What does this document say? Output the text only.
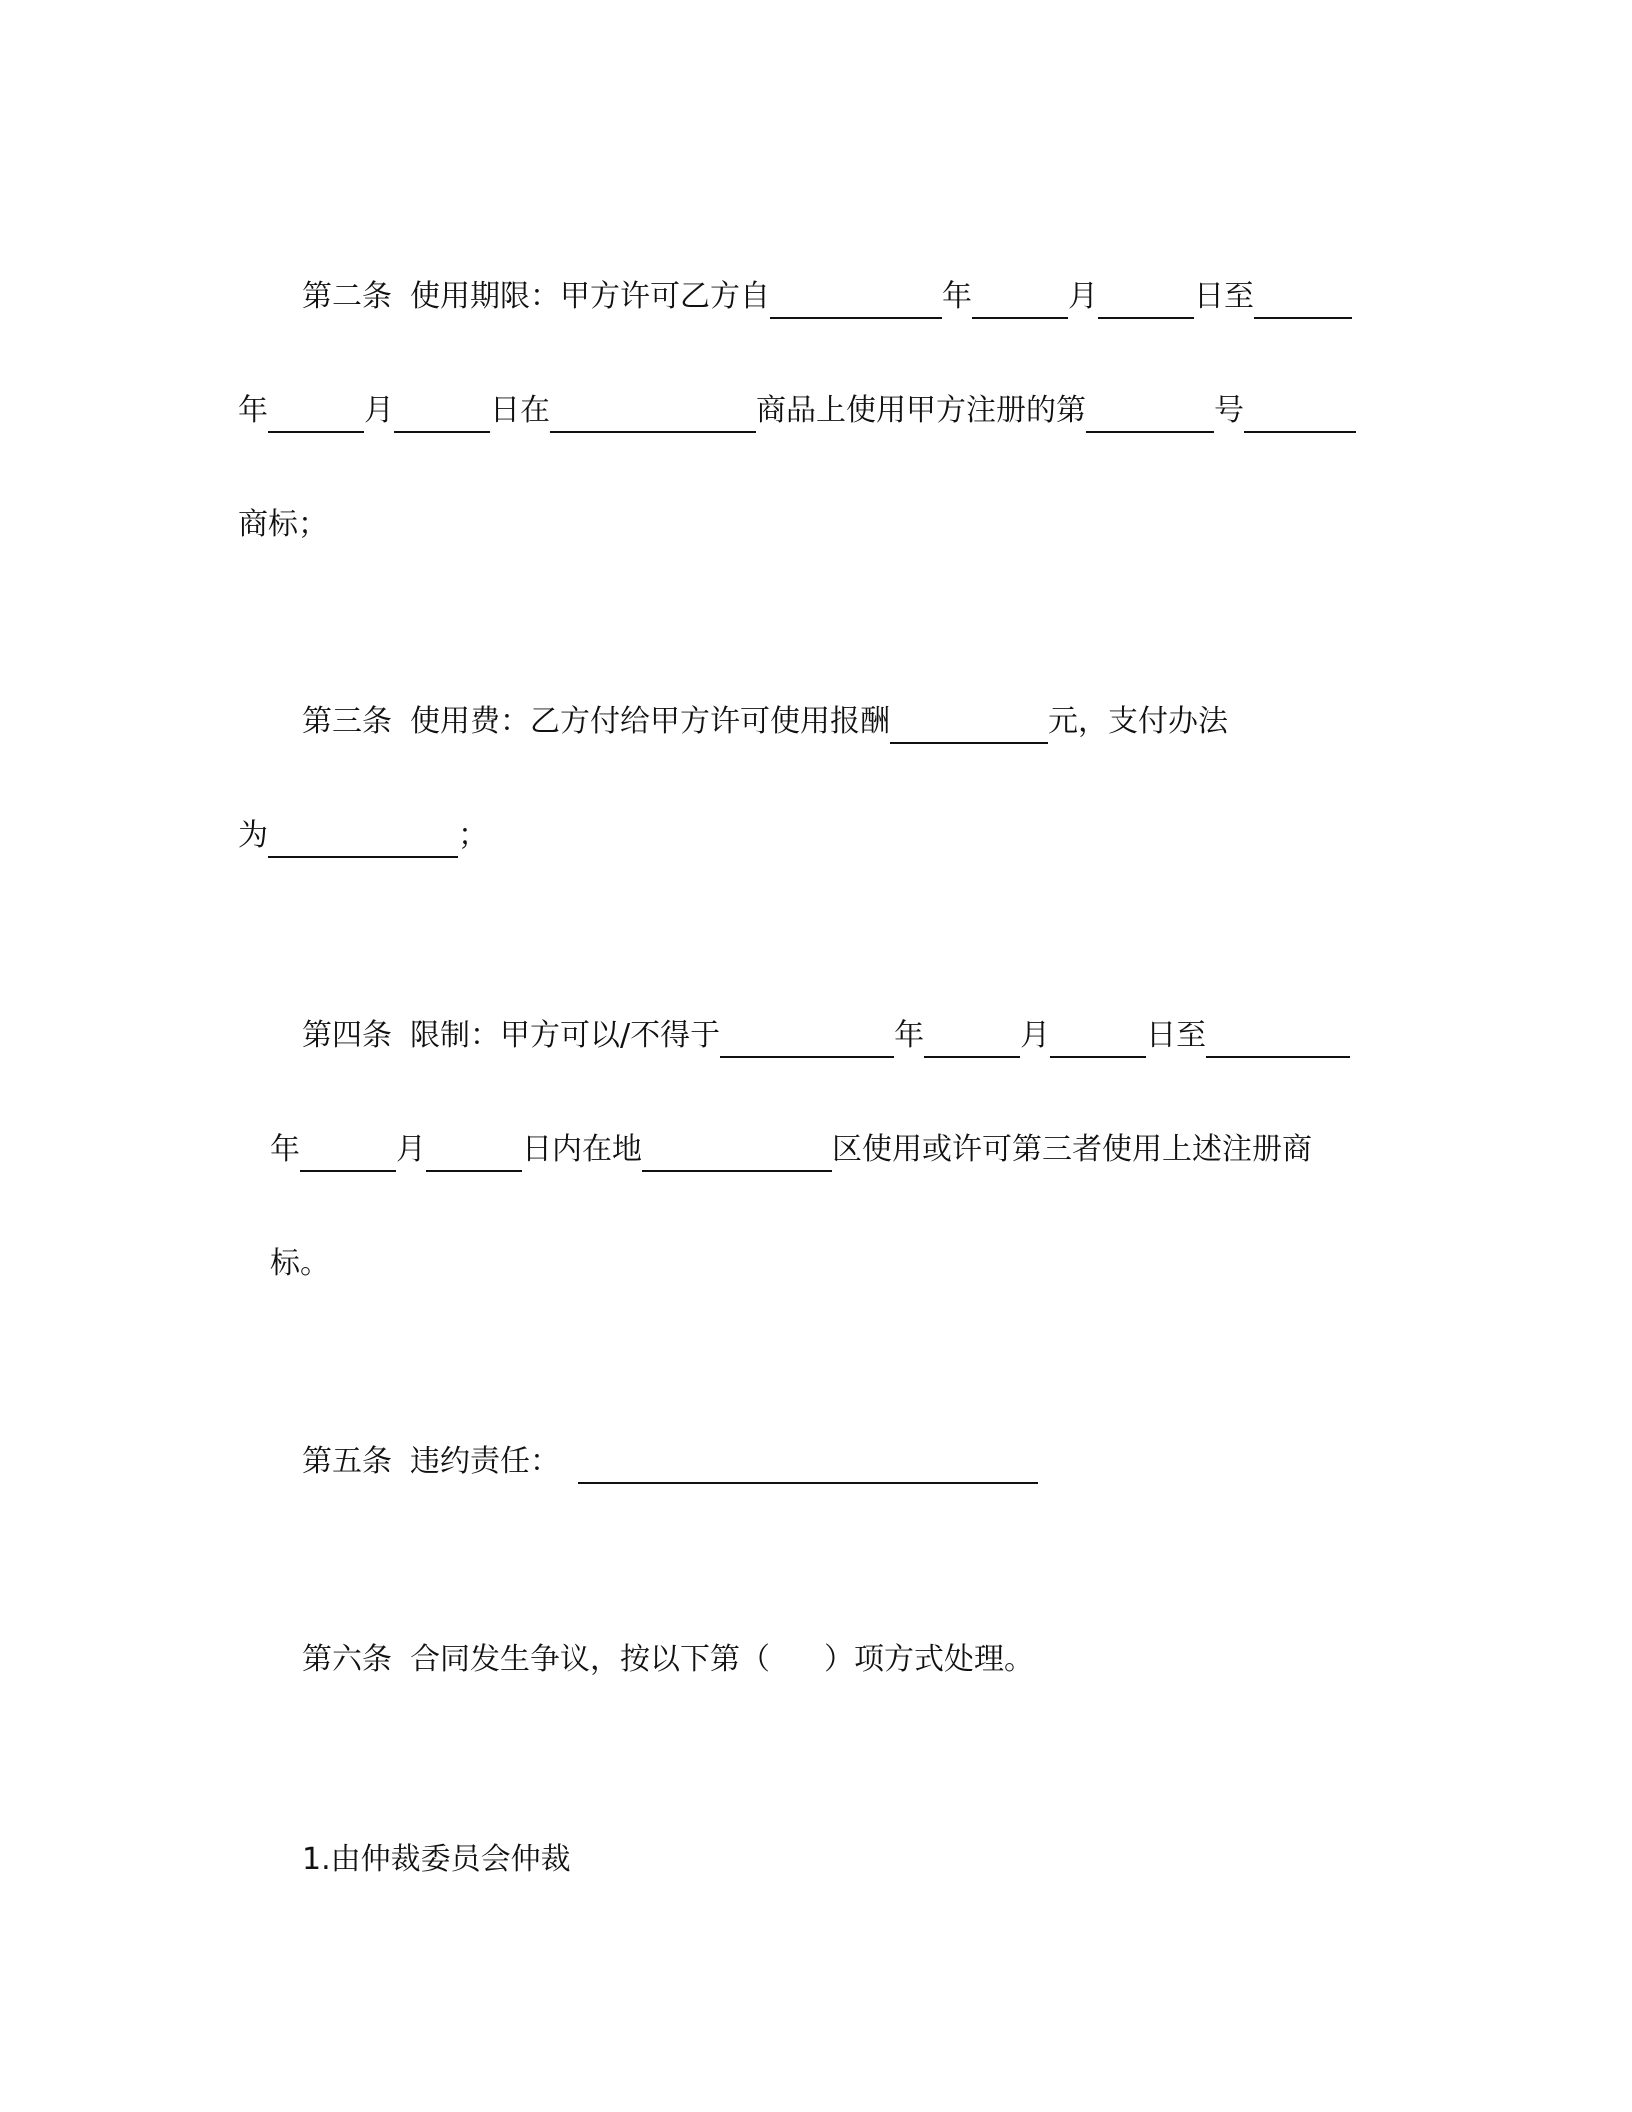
第二条 使用期限：甲方许可乙方自	年	月	日至
年	月	日在	商品上使用甲方注册的第	号
商标；
第三条 使用费：乙方付给甲方许可使用报酬	元，支付办法
为	；
第四条 限制：甲方可以/不得于	年	月	日至
年	月	日内在地	区使用或许可第三者使用上述注册商
标。
第五条 违约责任：
第六条 合同发生争议，按以下第（ ）项方式处理。
1.由仲裁委员会仲裁
